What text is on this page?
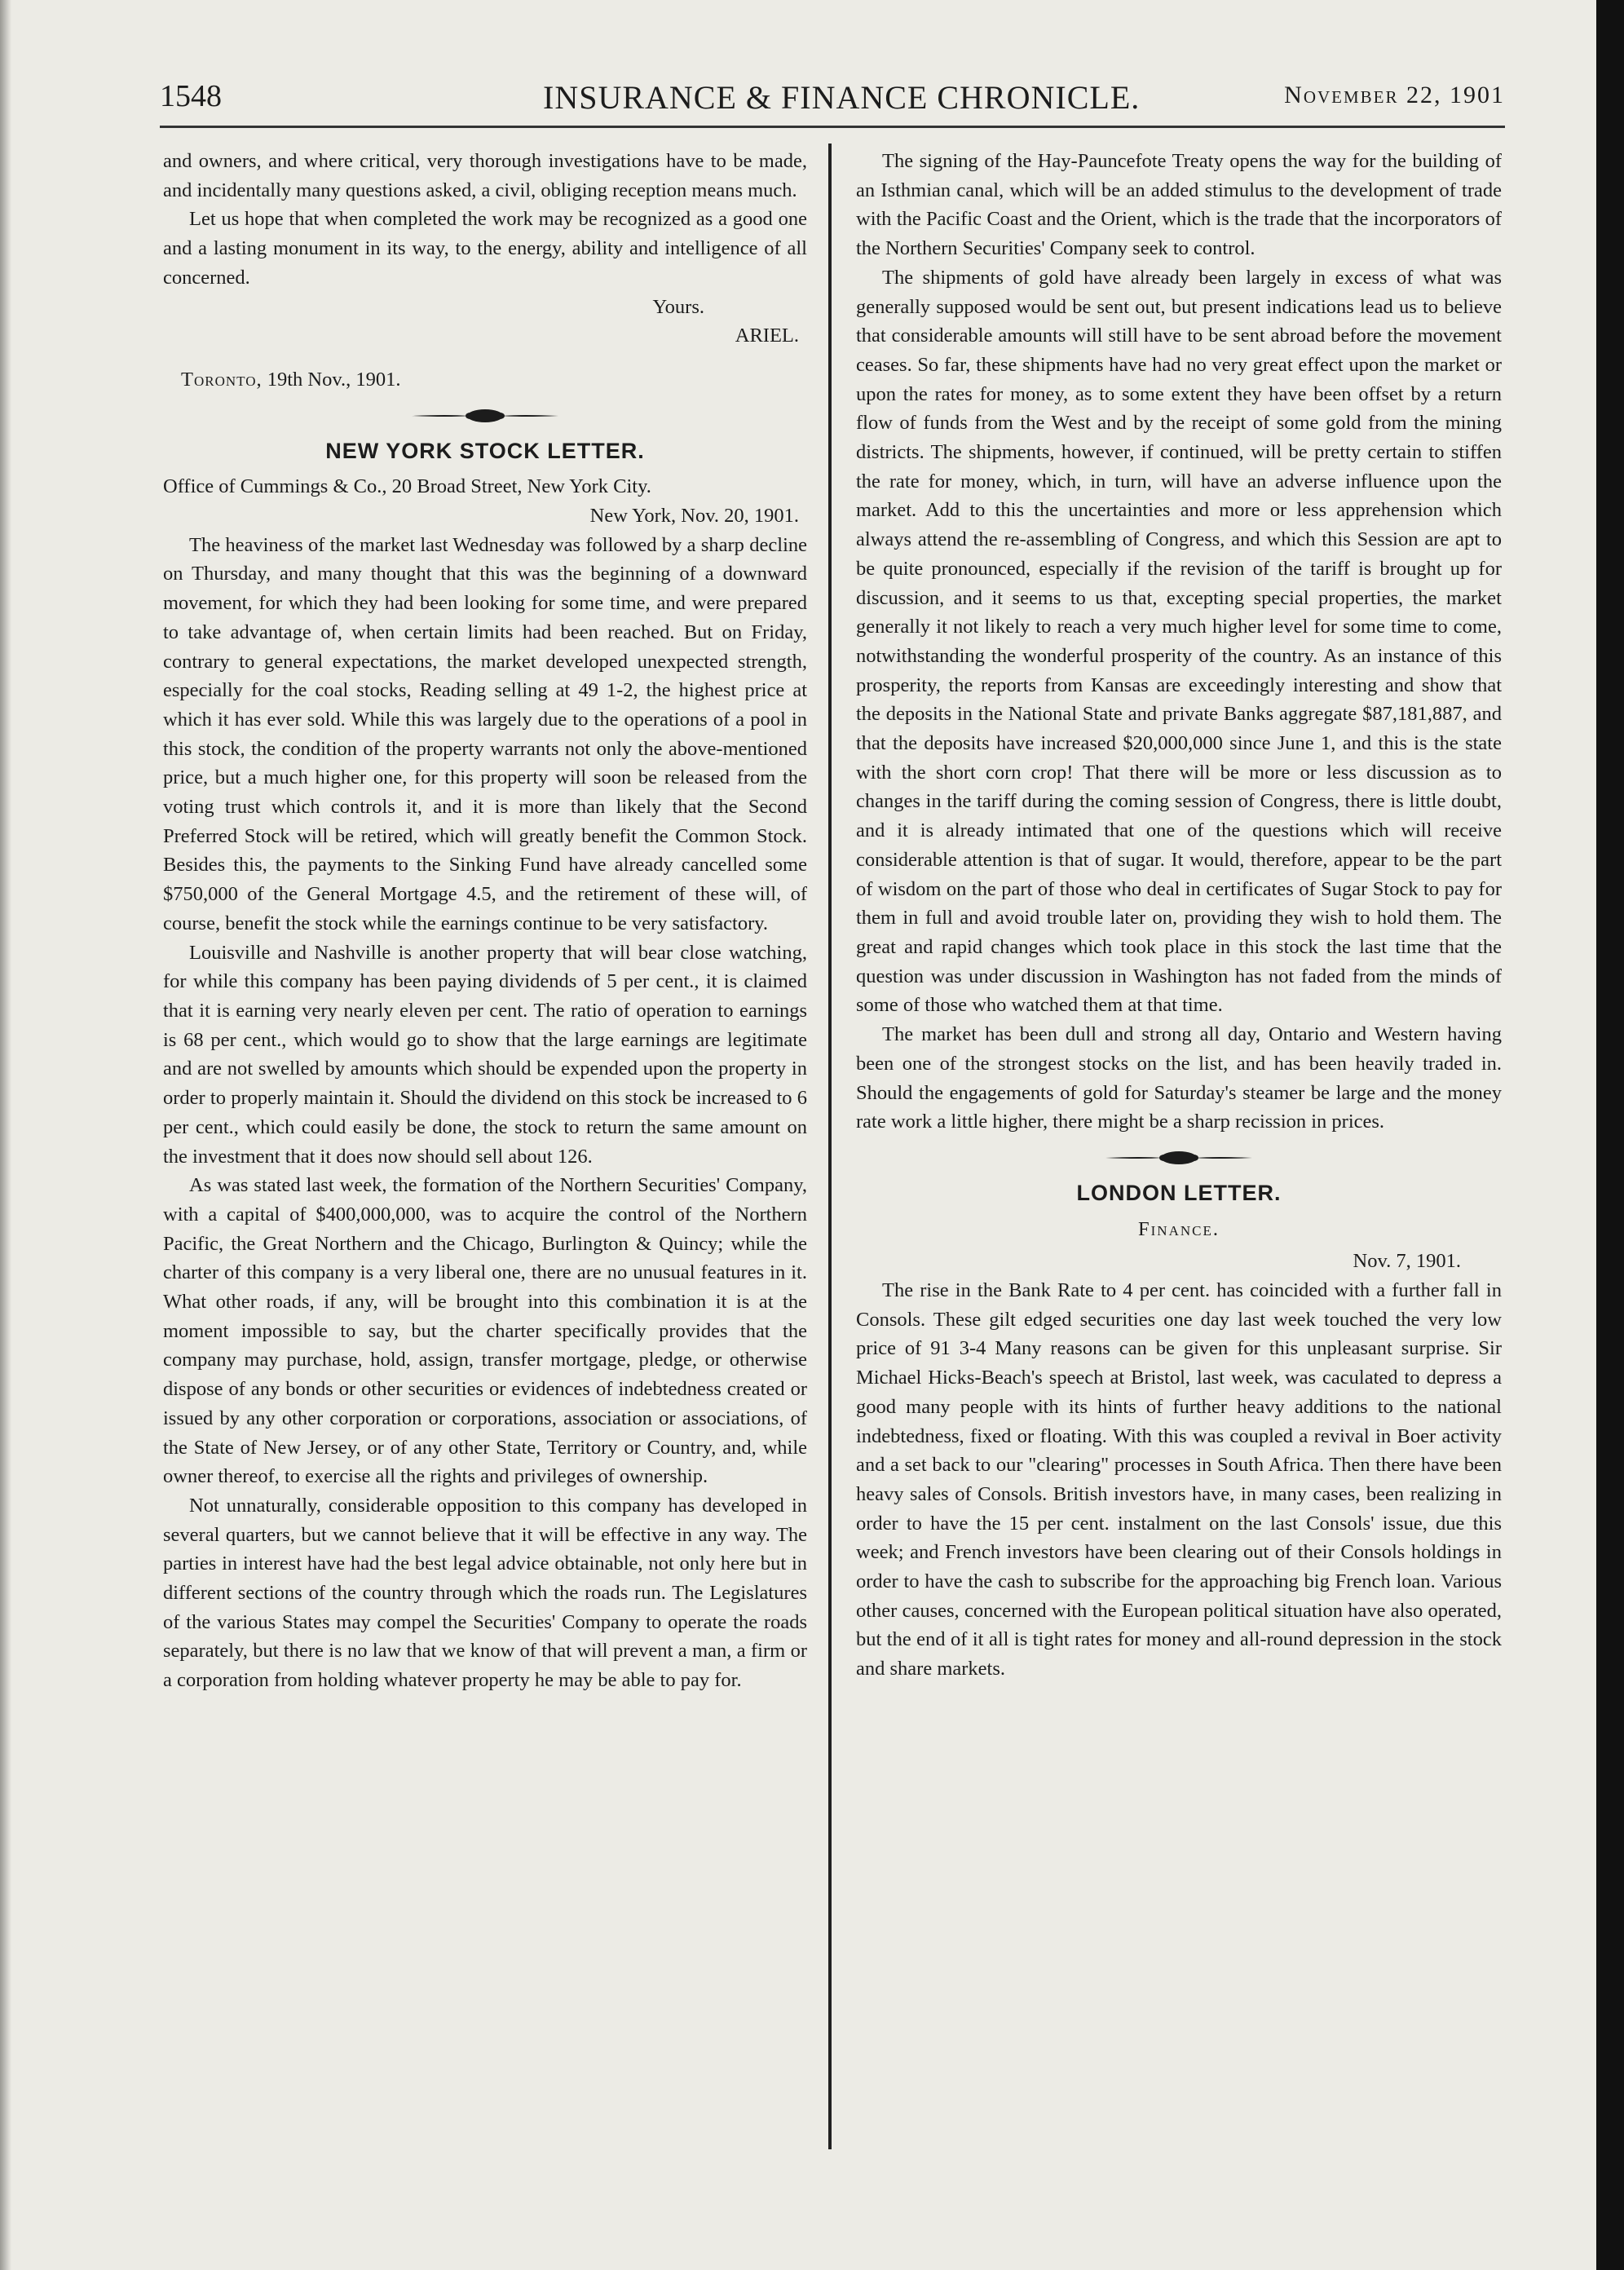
1548	INSURANCE & FINANCE CHRONICLE.	November 22, 1901

and owners, and where critical, very thorough investigations have to be made, and incidentally many questions asked, a civil, obliging reception means much.

Let us hope that when completed the work may be recognized as a good one and a lasting monument in its way, to the energy, ability and intelligence of all concerned.

Yours.

ARIEL.

Toronto, 19th Nov., 1901.

NEW YORK STOCK LETTER.

Office of Cummings & Co., 20 Broad Street, New York City.

New York, Nov. 20, 1901.

The heaviness of the market last Wednesday was followed by a sharp decline on Thursday, and many thought that this was the beginning of a downward movement, for which they had been looking for some time, and were prepared to take advantage of, when certain limits had been reached. But on Friday, contrary to general expectations, the market developed unexpected strength, especially for the coal stocks, Reading selling at 49 1-2, the highest price at which it has ever sold. While this was largely due to the operations of a pool in this stock, the condition of the property warrants not only the above-mentioned price, but a much higher one, for this property will soon be released from the voting trust which controls it, and it is more than likely that the Second Preferred Stock will be retired, which will greatly benefit the Common Stock. Besides this, the payments to the Sinking Fund have already cancelled some $750,000 of the General Mortgage 4.5, and the retirement of these will, of course, benefit the stock while the earnings continue to be very satisfactory.

Louisville and Nashville is another property that will bear close watching, for while this company has been paying dividends of 5 per cent., it is claimed that it is earning very nearly eleven per cent. The ratio of operation to earnings is 68 per cent., which would go to show that the large earnings are legitimate and are not swelled by amounts which should be expended upon the property in order to properly maintain it. Should the dividend on this stock be increased to 6 per cent., which could easily be done, the stock to return the same amount on the investment that it does now should sell about 126.

As was stated last week, the formation of the Northern Securities' Company, with a capital of $400,000,000, was to acquire the control of the Northern Pacific, the Great Northern and the Chicago, Burlington & Quincy; while the charter of this company is a very liberal one, there are no unusual features in it. What other roads, if any, will be brought into this combination it is at the moment impossible to say, but the charter specifically provides that the company may purchase, hold, assign, transfer mortgage, pledge, or otherwise dispose of any bonds or other securities or evidences of indebtedness created or issued by any other corporation or corporations, association or associations, of the State of New Jersey, or of any other State, Territory or Country, and, while owner thereof, to exercise all the rights and privileges of ownership.

Not unnaturally, considerable opposition to this company has developed in several quarters, but we cannot believe that it will be effective in any way. The parties in interest have had the best legal advice obtainable, not only here but in different sections of the country through which the roads run. The Legislatures of the various States may compel the Securities' Company to operate the roads separately, but there is no law that we know of that will prevent a man, a firm or a corporation from holding whatever property he may be able to pay for.

The signing of the Hay-Pauncefote Treaty opens the way for the building of an Isthmian canal, which will be an added stimulus to the development of trade with the Pacific Coast and the Orient, which is the trade that the incorporators of the Northern Securities' Company seek to control.

The shipments of gold have already been largely in excess of what was generally supposed would be sent out, but present indications lead us to believe that considerable amounts will still have to be sent abroad before the movement ceases. So far, these shipments have had no very great effect upon the market or upon the rates for money, as to some extent they have been offset by a return flow of funds from the West and by the receipt of some gold from the mining districts. The shipments, however, if continued, will be pretty certain to stiffen the rate for money, which, in turn, will have an adverse influence upon the market. Add to this the uncertainties and more or less apprehension which always attend the re-assembling of Congress, and which this Session are apt to be quite pronounced, especially if the revision of the tariff is brought up for discussion, and it seems to us that, excepting special properties, the market generally it not likely to reach a very much higher level for some time to come, notwithstanding the wonderful prosperity of the country. As an instance of this prosperity, the reports from Kansas are exceedingly interesting and show that the deposits in the National State and private Banks aggregate $87,181,887, and that the deposits have increased $20,000,000 since June 1, and this is the state with the short corn crop! That there will be more or less discussion as to changes in the tariff during the coming session of Congress, there is little doubt, and it is already intimated that one of the questions which will receive considerable attention is that of sugar. It would, therefore, appear to be the part of wisdom on the part of those who deal in certificates of Sugar Stock to pay for them in full and avoid trouble later on, providing they wish to hold them. The great and rapid changes which took place in this stock the last time that the question was under discussion in Washington has not faded from the minds of some of those who watched them at that time.

The market has been dull and strong all day, Ontario and Western having been one of the strongest stocks on the list, and has been heavily traded in. Should the engagements of gold for Saturday's steamer be large and the money rate work a little higher, there might be a sharp recission in prices.

LONDON LETTER.

Finance.

Nov. 7, 1901.

The rise in the Bank Rate to 4 per cent. has coincided with a further fall in Consols. These gilt edged securities one day last week touched the very low price of 91 3-4 Many reasons can be given for this unpleasant surprise. Sir Michael Hicks-Beach's speech at Bristol, last week, was caculated to depress a good many people with its hints of further heavy additions to the national indebtedness, fixed or floating. With this was coupled a revival in Boer activity and a set back to our "clearing" processes in South Africa. Then there have been heavy sales of Consols. British investors have, in many cases, been realizing in order to have the 15 per cent. instalment on the last Consols' issue, due this week; and French investors have been clearing out of their Consols holdings in order to have the cash to subscribe for the approaching big French loan. Various other causes, concerned with the European political situation have also operated, but the end of it all is tight rates for money and all-round depression in the stock and share markets.
